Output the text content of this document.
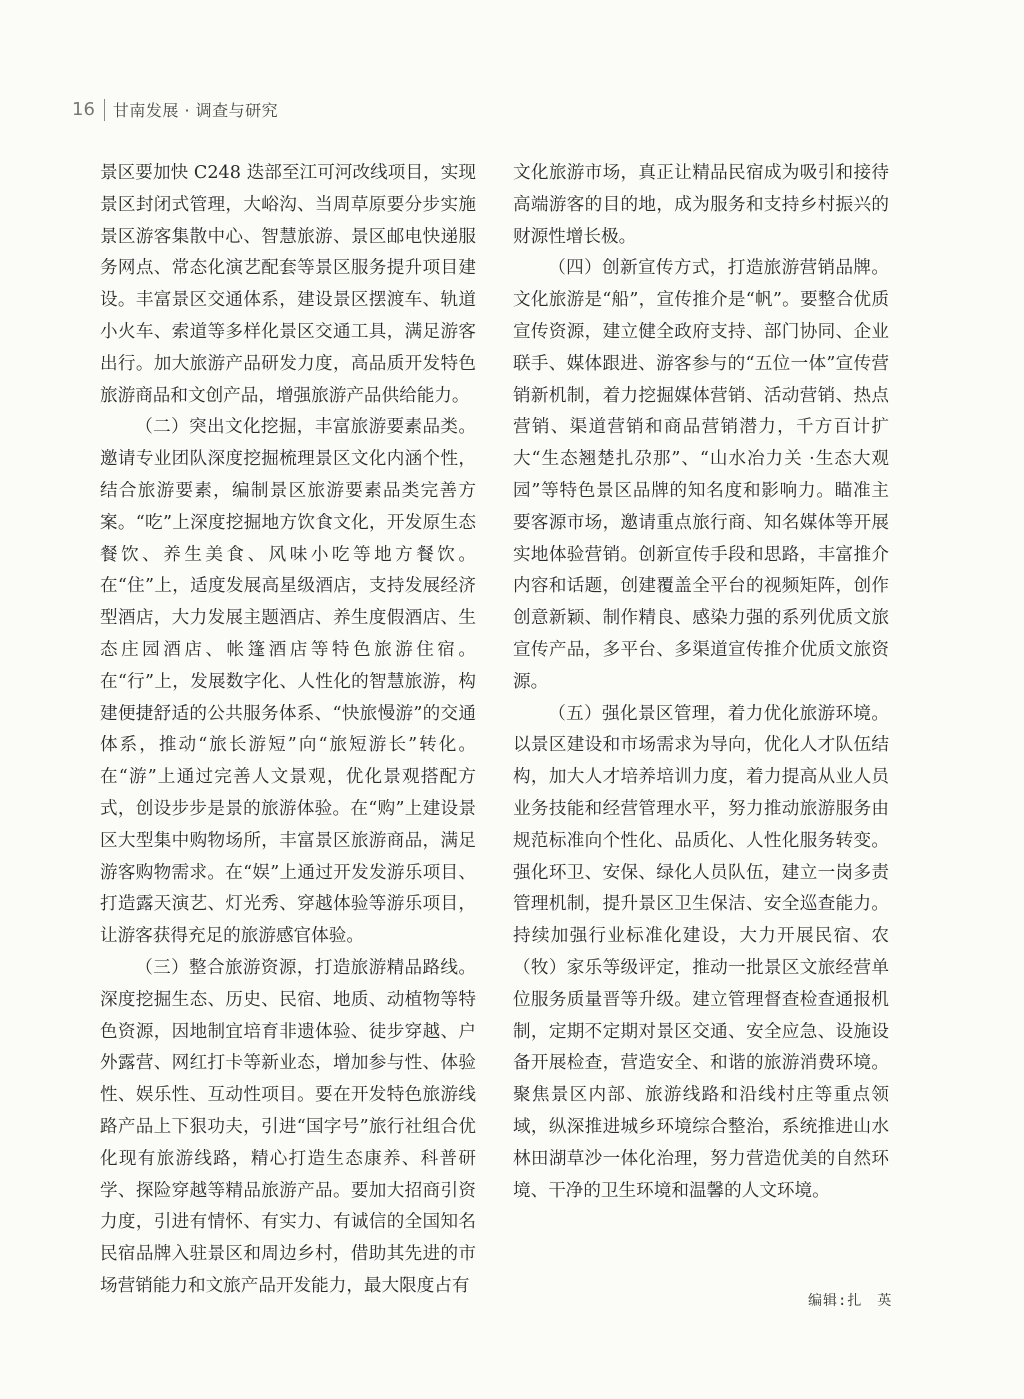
16 甘南发展 · 调查与研究

景区要加快 C248 迭部至江可河改线项目，实现景区封闭式管理，大峪沟、当周草原要分步实施景区游客集散中心、智慧旅游、景区邮电快递服务网点、常态化演艺配套等景区服务提升项目建设。丰富景区交通体系，建设景区摆渡车、轨道小火车、索道等多样化景区交通工具，满足游客出行。加大旅游产品研发力度，高品质开发特色旅游商品和文创产品，增强旅游产品供给能力。

（二）突出文化挖掘，丰富旅游要素品类。邀请专业团队深度挖掘梳理景区文化内涵个性，结合旅游要素，编制景区旅游要素品类完善方案。“吃”上深度挖掘地方饮食文化，开发原生态餐饮、养生美食、风味小吃等地方餐饮。在“住”上，适度发展高星级酒店，支持发展经济型酒店，大力发展主题酒店、养生度假酒店、生态庄园酒店、帐篷酒店等特色旅游住宿。在“行”上，发展数字化、人性化的智慧旅游，构建便捷舒适的公共服务体系、“快旅慢游”的交通体系，推动“旅长游短”向“旅短游长”转化。在“游”上通过完善人文景观，优化景观搭配方式，创设步步是景的旅游体验。在“购”上建设景区大型集中购物场所，丰富景区旅游商品，满足游客购物需求。在“娱”上通过开发发游乐项目、打造露天演艺、灯光秀、穿越体验等游乐项目，让游客获得充足的旅游感官体验。

（三）整合旅游资源，打造旅游精品路线。深度挖掘生态、历史、民宿、地质、动植物等特色资源，因地制宜培育非遗体验、徒步穿越、户外露营、网红打卡等新业态，增加参与性、体验性、娱乐性、互动性项目。要在开发特色旅游线路产品上下狠功夫，引进“国字号”旅行社组合优化现有旅游线路，精心打造生态康养、科普研学、探险穿越等精品旅游产品。要加大招商引资力度，引进有情怀、有实力、有诚信的全国知名民宿品牌入驻景区和周边乡村，借助其先进的市场营销能力和文旅产品开发能力，最大限度占有

文化旅游市场，真正让精品民宿成为吸引和接待高端游客的目的地，成为服务和支持乡村振兴的财源性增长极。

（四）创新宣传方式，打造旅游营销品牌。文化旅游是“船”，宣传推介是“帆”。要整合优质宣传资源，建立健全政府支持、部门协同、企业联手、媒体跟进、游客参与的“五位一体”宣传营销新机制，着力挖掘媒体营销、活动营销、热点营销、渠道营销和商品营销潜力，千方百计扩大“生态翘楚扎尕那”、“山水冶力关 ·生态大观园”等特色景区品牌的知名度和影响力。瞄准主要客源市场，邀请重点旅行商、知名媒体等开展实地体验营销。创新宣传手段和思路，丰富推介内容和话题，创建覆盖全平台的视频矩阵，创作创意新颖、制作精良、感染力强的系列优质文旅宣传产品，多平台、多渠道宣传推介优质文旅资源。

（五）强化景区管理，着力优化旅游环境。以景区建设和市场需求为导向，优化人才队伍结构，加大人才培养培训力度，着力提高从业人员业务技能和经营管理水平，努力推动旅游服务由规范标准向个性化、品质化、人性化服务转变。强化环卫、安保、绿化人员队伍，建立一岗多责管理机制，提升景区卫生保洁、安全巡查能力。持续加强行业标准化建设，大力开展民宿、农（牧）家乐等级评定，推动一批景区文旅经营单位服务质量晋等升级。建立管理督查检查通报机制，定期不定期对景区交通、安全应急、设施设备开展检查，营造安全、和谐的旅游消费环境。聚焦景区内部、旅游线路和沿线村庄等重点领域，纵深推进城乡环境综合整治，系统推进山水林田湖草沙一体化治理，努力营造优美的自然环境、干净的卫生环境和温馨的人文环境。

编辑:扎　英
